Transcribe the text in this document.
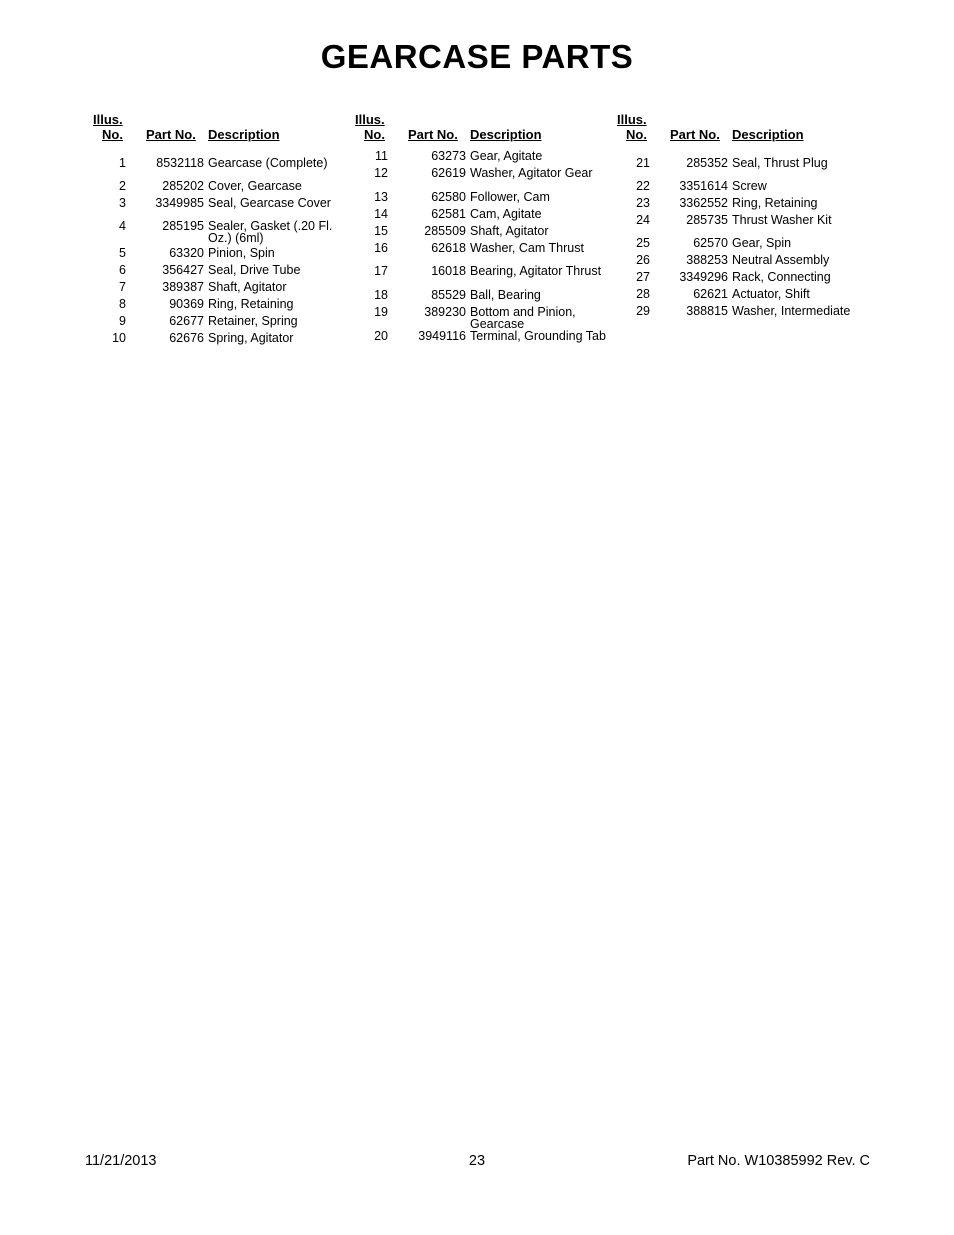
GEARCASE PARTS
Illus.
No. Part No. Description
1	8532118 Gearcase (Complete)
2	285202 Cover, Gearcase
3	3349985 Seal, Gearcase Cover
4	285195 Sealer, Gasket (.20 Fl. Oz.) (6ml)
5	63320 Pinion, Spin
6	356427 Seal, Drive Tube
7	389387 Shaft, Agitator
8	90369 Ring, Retaining
9	62677 Retainer, Spring
10	62676 Spring, Agitator
Illus.
No. Part No. Description
11	63273 Gear, Agitate
12	62619 Washer, Agitator Gear
13	62580 Follower, Cam
14	62581 Cam, Agitate
15	285509 Shaft, Agitator
16	62618 Washer, Cam Thrust
17	16018 Bearing, Agitator Thrust
18	85529 Ball, Bearing
19	389230 Bottom and Pinion, Gearcase
20	3949116 Terminal, Grounding Tab
Illus.
No. Part No. Description
21	285352 Seal, Thrust Plug
22	3351614 Screw
23	3362552 Ring, Retaining
24	285735 Thrust Washer Kit
25	62570 Gear, Spin
26	388253 Neutral Assembly
27	3349296 Rack, Connecting
28	62621 Actuator, Shift
29	388815 Washer, Intermediate
11/21/2013	23	Part No. W10385992 Rev. C
